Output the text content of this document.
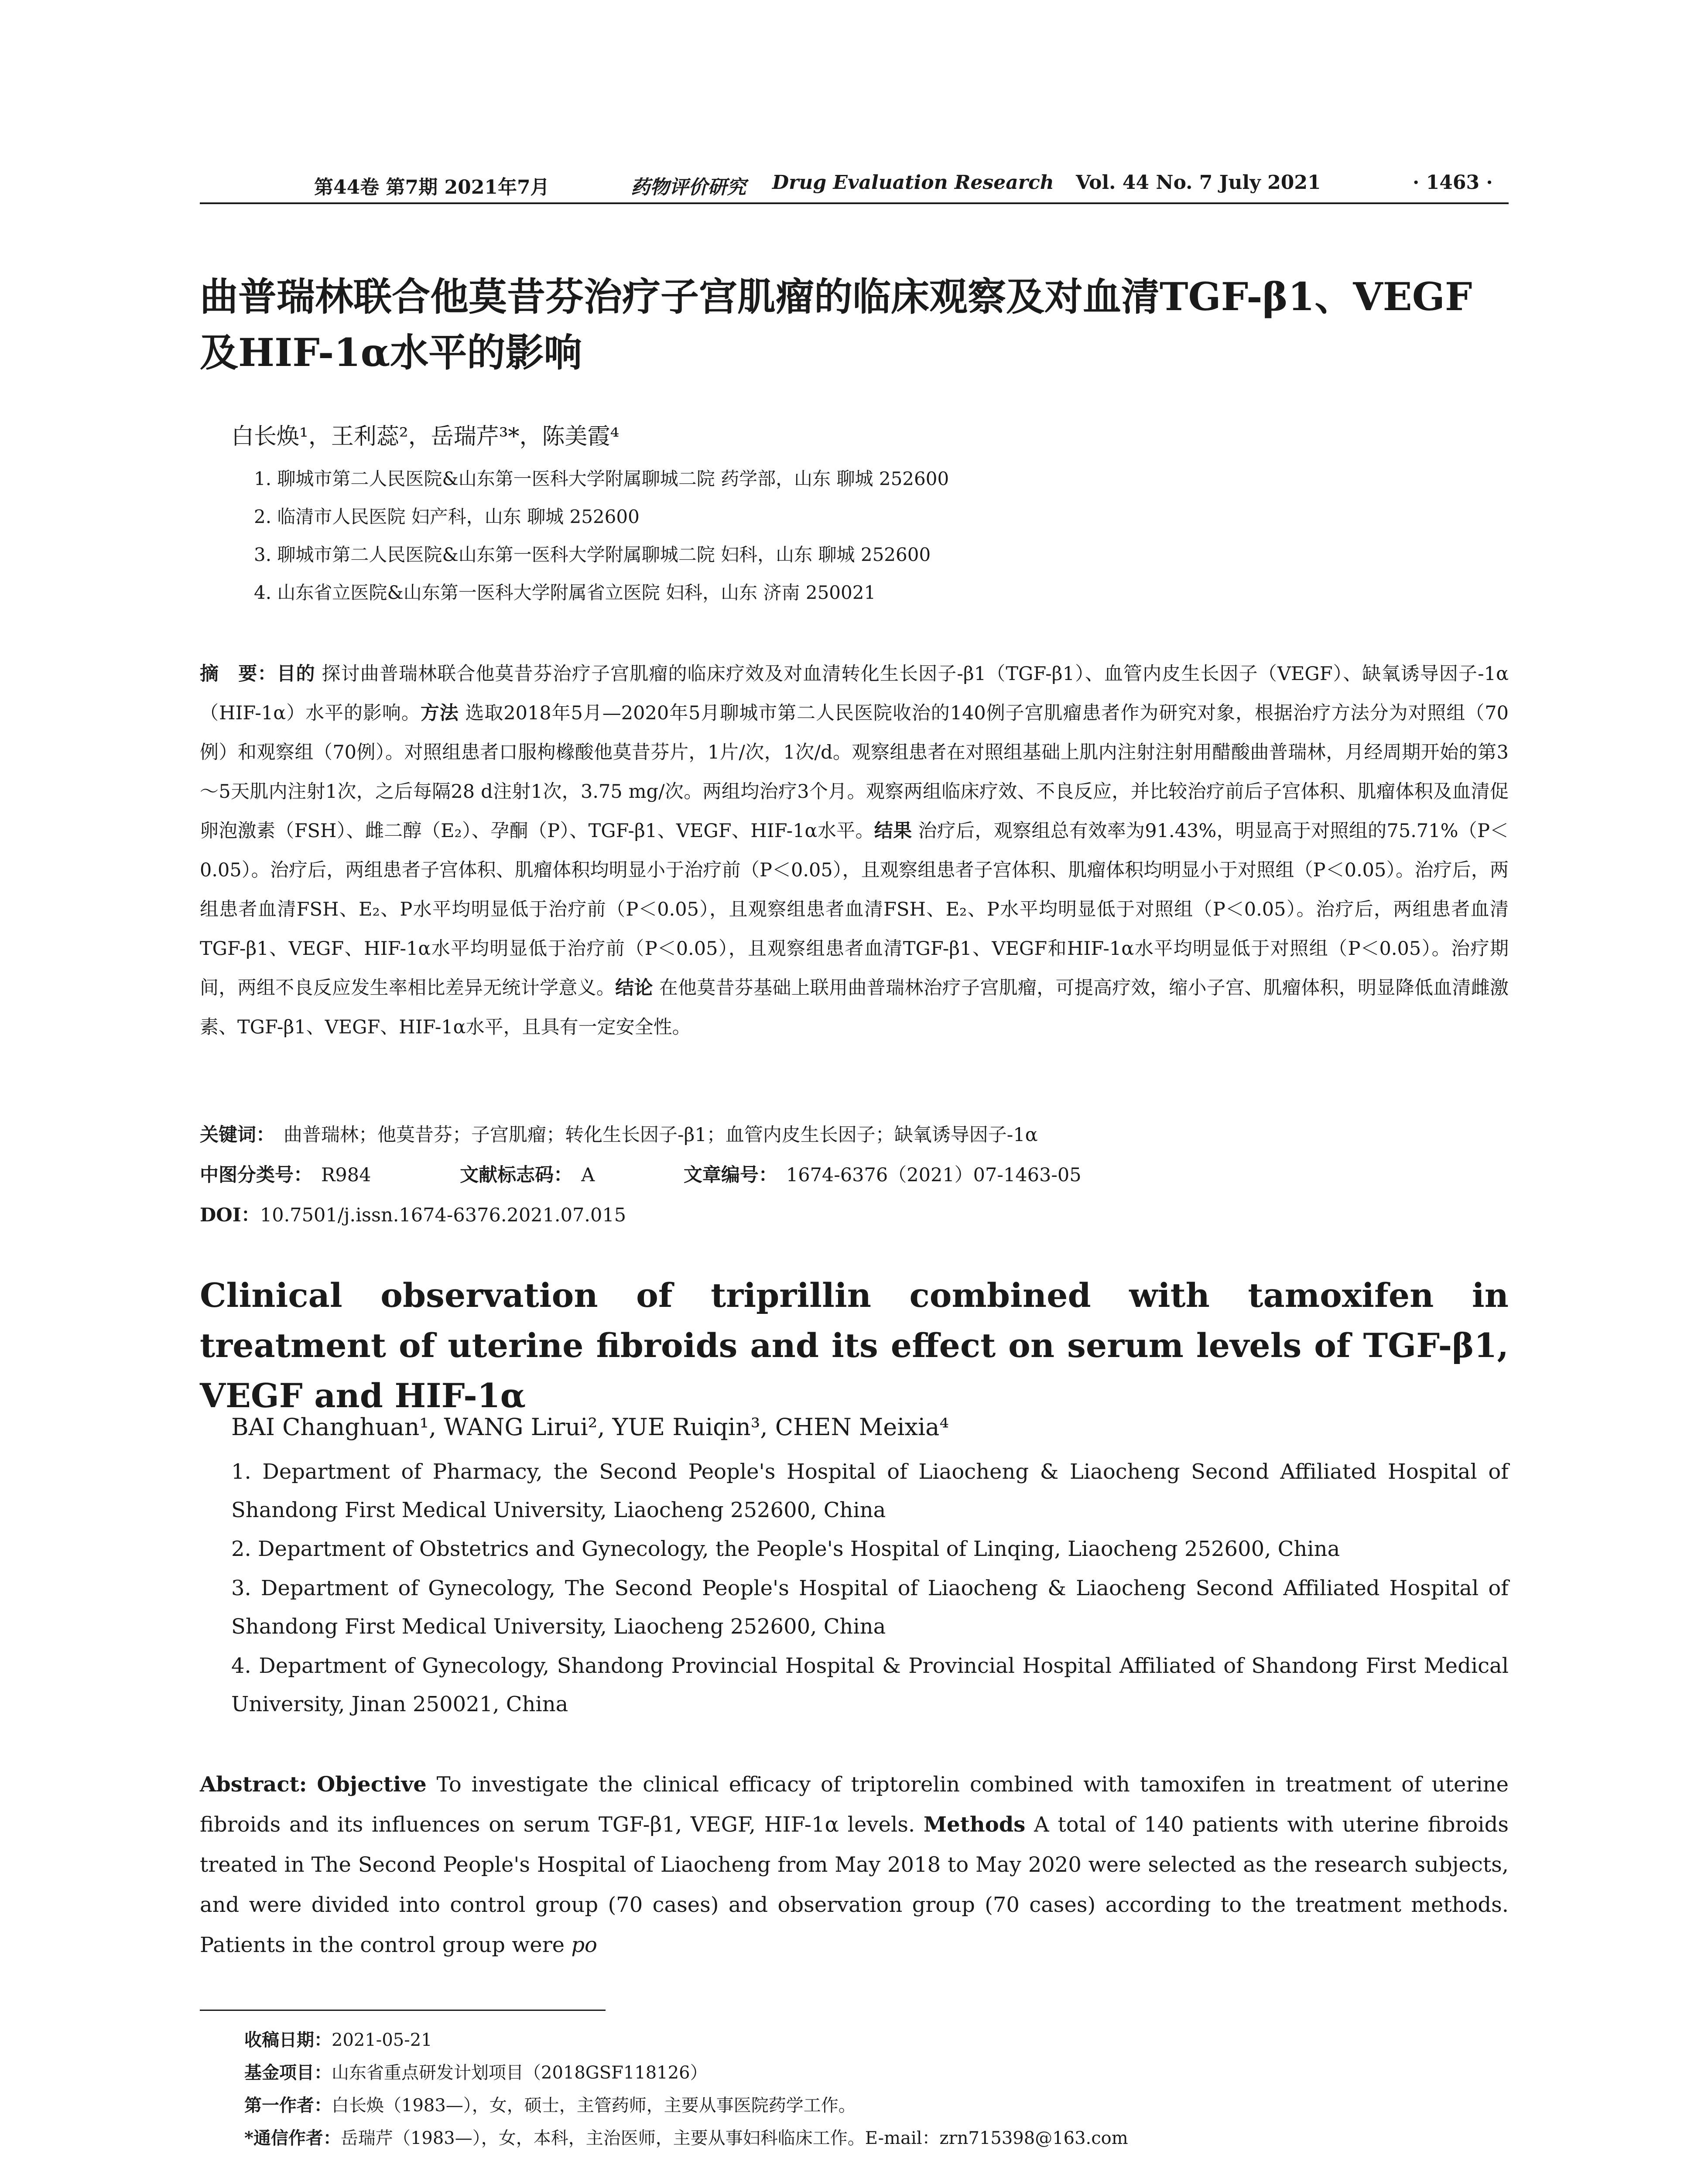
第44卷 第7期 2021年7月	药物评价研究 Drug Evaluation Research Vol. 44 No. 7 July 2021	· 1463 ·
曲普瑞林联合他莫昔芬治疗子宫肌瘤的临床观察及对血清TGF-β1、VEGF
及HIF-1α水平的影响
白长焕¹，王利蕊²，岳瑞芹³*，陈美霞⁴
1. 聊城市第二人民医院&山东第一医科大学附属聊城二院 药学部，山东 聊城 252600
2. 临清市人民医院 妇产科，山东 聊城 252600
3. 聊城市第二人民医院&山东第一医科大学附属聊城二院 妇科，山东 聊城 252600
4. 山东省立医院&山东第一医科大学附属省立医院 妇科，山东 济南 250021
摘　要：目的 探讨曲普瑞林联合他莫昔芬治疗子宫肌瘤的临床疗效及对血清转化生长因子-β1（TGF-β1）、血管内皮生长因子（VEGF）、缺氧诱导因子-1α（HIF-1α）水平的影响。方法 选取2018年5月—2020年5月聊城市第二人民医院收治的140例子宫肌瘤患者作为研究对象，根据治疗方法分为对照组（70例）和观察组（70例）。对照组患者口服枸橼酸他莫昔芬片，1片/次，1次/d。观察组患者在对照组基础上肌内注射注射用醋酸曲普瑞林，月经周期开始的第3～5天肌内注射1次，之后每隔28 d注射1次，3.75 mg/次。两组均治疗3个月。观察两组临床疗效、不良反应，并比较治疗前后子宫体积、肌瘤体积及血清促卵泡激素（FSH）、雌二醇（E₂）、孕酮（P）、TGF-β1、VEGF、HIF-1α水平。结果 治疗后，观察组总有效率为91.43%，明显高于对照组的75.71%（P＜0.05）。治疗后，两组患者子宫体积、肌瘤体积均明显小于治疗前（P＜0.05），且观察组患者子宫体积、肌瘤体积均明显小于对照组（P＜0.05）。治疗后，两组患者血清FSH、E₂、P水平均明显低于治疗前（P＜0.05），且观察组患者血清FSH、E₂、P水平均明显低于对照组（P＜0.05）。治疗后，两组患者血清TGF-β1、VEGF、HIF-1α水平均明显低于治疗前（P＜0.05），且观察组患者血清TGF-β1、VEGF和HIF-1α水平均明显低于对照组（P＜0.05）。治疗期间，两组不良反应发生率相比差异无统计学意义。结论 在他莫昔芬基础上联用曲普瑞林治疗子宫肌瘤，可提高疗效，缩小子宫、肌瘤体积，明显降低血清雌激素、TGF-β1、VEGF、HIF-1α水平，且具有一定安全性。
关键词： 曲普瑞林；他莫昔芬；子宫肌瘤；转化生长因子-β1；血管内皮生长因子；缺氧诱导因子-1α
中图分类号： R984	文献标志码： A	文章编号： 1674-6376（2021）07-1463-05
DOI：10.7501/j.issn.1674-6376.2021.07.015
Clinical observation of triprillin combined with tamoxifen in treatment of uterine fibroids and its effect on serum levels of TGF-β1, VEGF and HIF-1α
BAI Changhuan¹, WANG Lirui², YUE Ruiqin³, CHEN Meixia⁴
1. Department of Pharmacy, the Second People's Hospital of Liaocheng & Liaocheng Second Affiliated Hospital of Shandong First Medical University, Liaocheng 252600, China
2. Department of Obstetrics and Gynecology, the People's Hospital of Linqing, Liaocheng 252600, China
3. Department of Gynecology, The Second People's Hospital of Liaocheng & Liaocheng Second Affiliated Hospital of Shandong First Medical University, Liaocheng 252600, China
4. Department of Gynecology, Shandong Provincial Hospital & Provincial Hospital Affiliated of Shandong First Medical University, Jinan 250021, China
Abstract: Objective To investigate the clinical efficacy of triptorelin combined with tamoxifen in treatment of uterine fibroids and its influences on serum TGF-β1, VEGF, HIF-1α levels. Methods A total of 140 patients with uterine fibroids treated in The Second People's Hospital of Liaocheng from May 2018 to May 2020 were selected as the research subjects, and were divided into control group (70 cases) and observation group (70 cases) according to the treatment methods. Patients in the control group were po
收稿日期：2021-05-21
基金项目：山东省重点研发计划项目（2018GSF118126）
第一作者：白长焕（1983—），女，硕士，主管药师，主要从事医院药学工作。
*通信作者：岳瑞芹（1983—），女，本科，主治医师，主要从事妇科临床工作。E-mail：zrn715398@163.com
